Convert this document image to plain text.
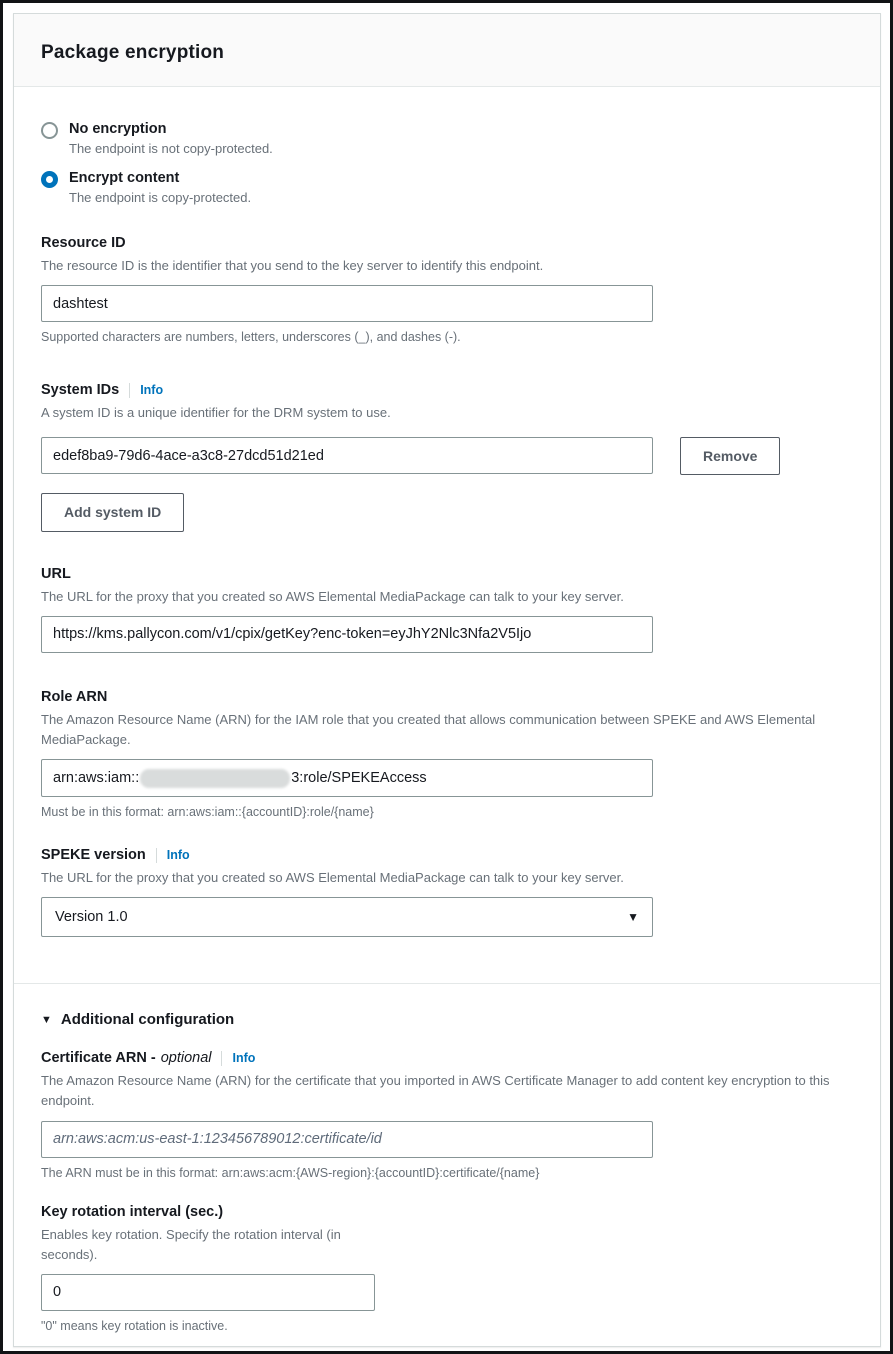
Package encryption
No encryption
The endpoint is not copy-protected.
Encrypt content
The endpoint is copy-protected.
Resource ID
The resource ID is the identifier that you send to the key server to identify this endpoint.
dashtest
Supported characters are numbers, letters, underscores (_), and dashes (-).
System IDs Info
A system ID is a unique identifier for the DRM system to use.
edef8ba9-79d6-4ace-a3c8-27dcd51d21ed
Remove
Add system ID
URL
The URL for the proxy that you created so AWS Elemental MediaPackage can talk to your key server.
https://kms.pallycon.com/v1/cpix/getKey?enc-token=eyJhY2Nlc3Nfa2V5Ijo
Role ARN
The Amazon Resource Name (ARN) for the IAM role that you created that allows communication between SPEKE and AWS Elemental MediaPackage.
arn:aws:iam::	3:role/SPEKEAccess
Must be in this format: arn:aws:iam::{accountID}:role/{name}
SPEKE version Info
The URL for the proxy that you created so AWS Elemental MediaPackage can talk to your key server.
Version 1.0	▼
▼ Additional configuration
Certificate ARN - optional Info
The Amazon Resource Name (ARN) for the certificate that you imported in AWS Certificate Manager to add content key encryption to this endpoint.
arn:aws:acm:us-east-1:123456789012:certificate/id
The ARN must be in this format: arn:aws:acm:{AWS-region}:{accountID}:certificate/{name}
Key rotation interval (sec.)
Enables key rotation. Specify the rotation interval (in seconds).
0
"0" means key rotation is inactive.
